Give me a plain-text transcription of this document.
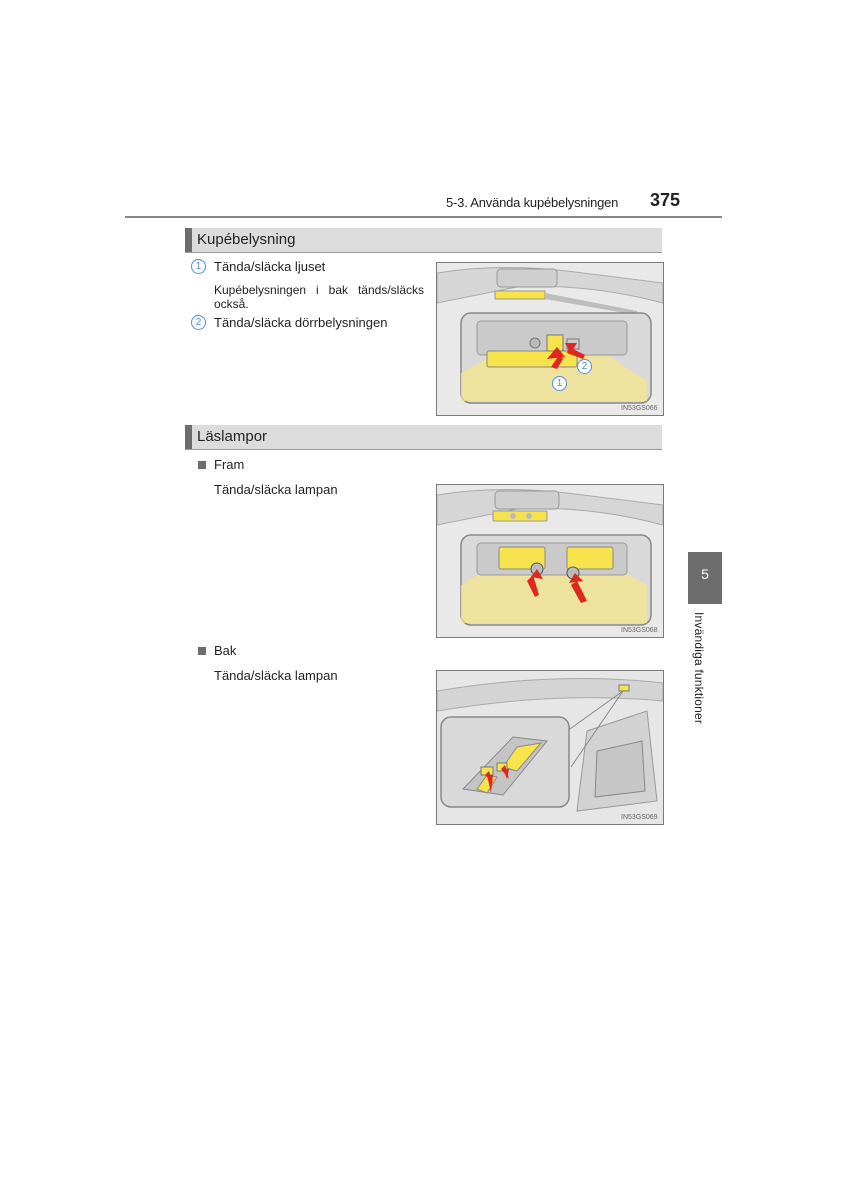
5-3. Använda kupébelysningen 375
Kupébelysning
1 Tända/släcka ljuset
Kupébelysningen i bak tänds/släcks också.
2 Tända/släcka dörrbelysningen
2
1
IN53GS066
Läslampor
Fram
Tända/släcka lampan
IN53GS068
Bak
Tända/släcka lampan
IN53GS069
5
Invändiga funktioner
